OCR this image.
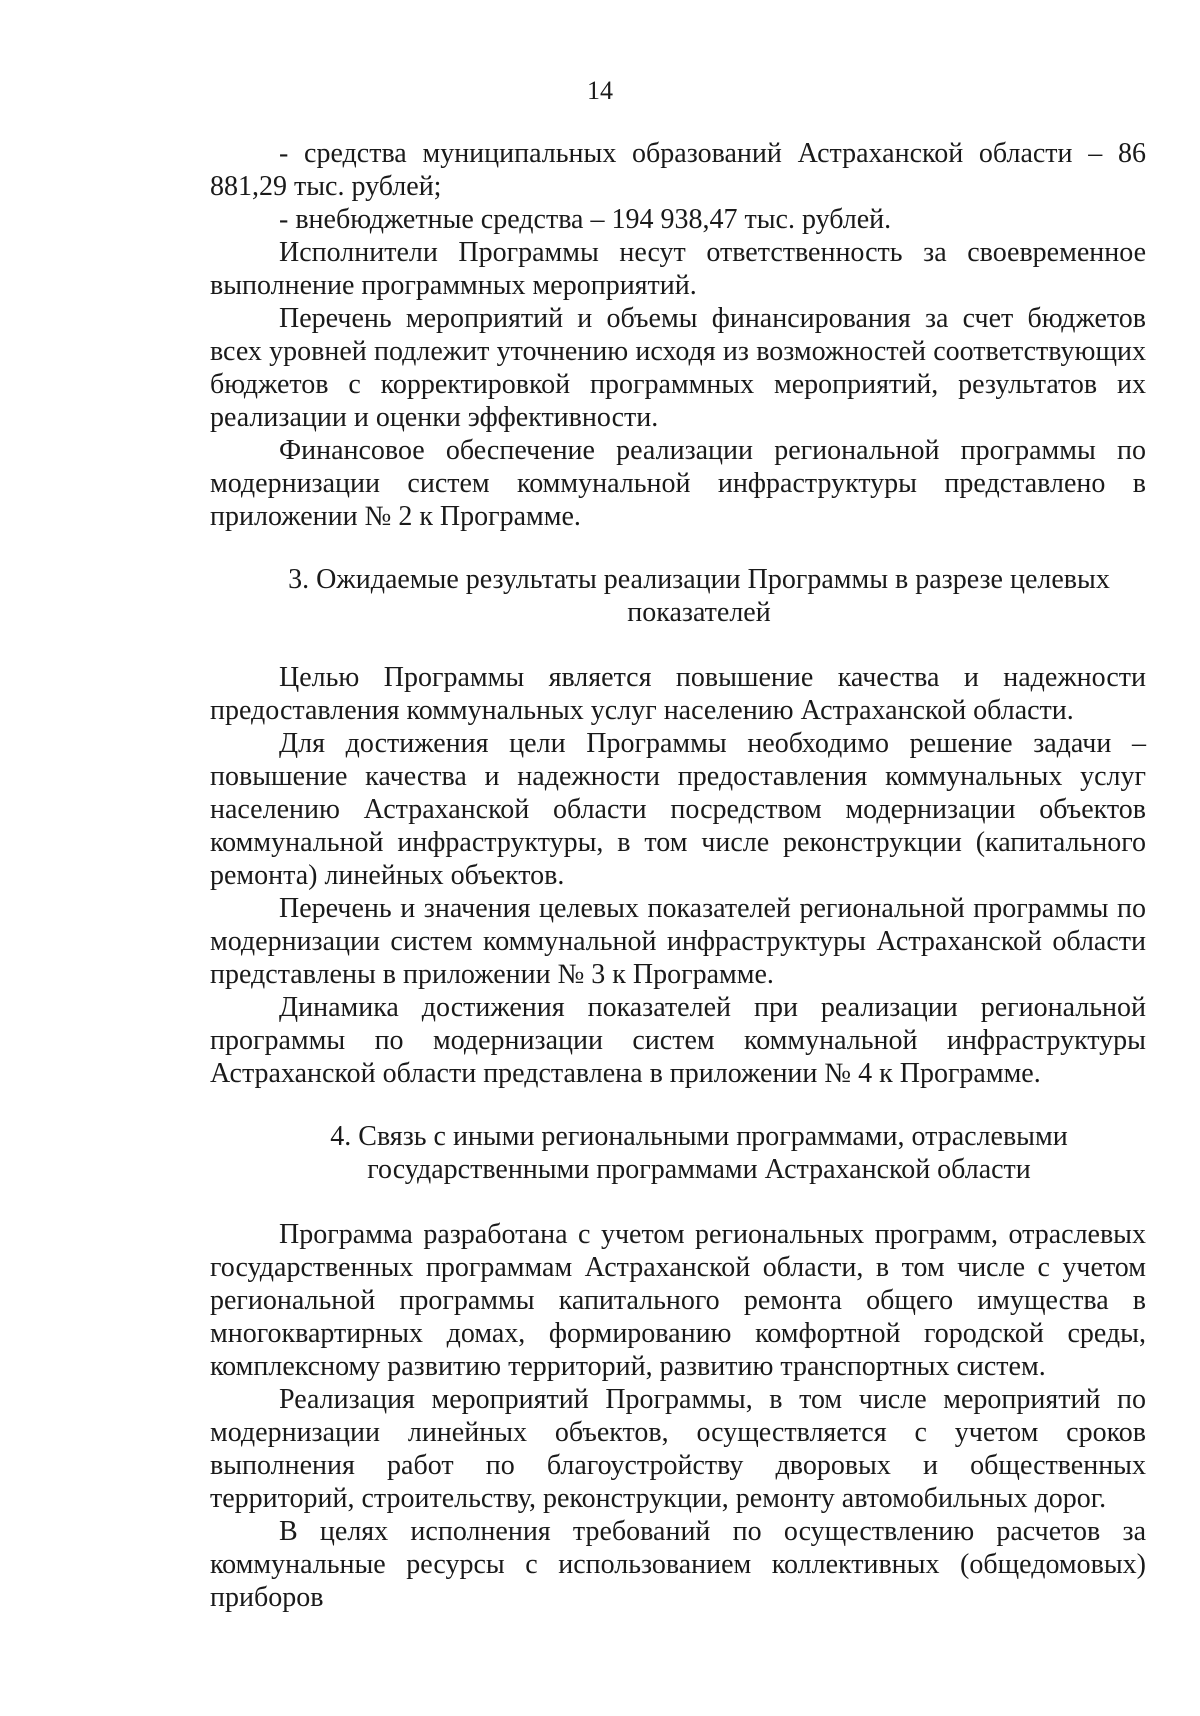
14

- средства муниципальных образований Астраханской области – 86 881,29 тыс. рублей;

- внебюджетные средства – 194 938,47 тыс. рублей.

Исполнители Программы несут ответственность за своевременное выполнение программных мероприятий.

Перечень мероприятий и объемы финансирования за счет бюджетов всех уровней подлежит уточнению исходя из возможностей соответствующих бюджетов с корректировкой программных мероприятий, результатов их реализации и оценки эффективности.

Финансовое обеспечение реализации региональной программы по модернизации систем коммунальной инфраструктуры представлено в приложении № 2 к Программе.

3. Ожидаемые результаты реализации Программы в разрезе целевых
показателей

Целью Программы является повышение качества и надежности предоставления коммунальных услуг населению Астраханской области.

Для достижения цели Программы необходимо решение задачи – повышение качества и надежности предоставления коммунальных услуг населению Астраханской области посредством модернизации объектов коммунальной инфраструктуры, в том числе реконструкции (капитального ремонта) линейных объектов.

Перечень и значения целевых показателей региональной программы по модернизации систем коммунальной инфраструктуры Астраханской области представлены в приложении № 3 к Программе.

Динамика достижения показателей при реализации региональной программы по модернизации систем коммунальной инфраструктуры Астраханской области представлена в приложении № 4 к Программе.

4. Связь с иными региональными программами, отраслевыми
государственными программами Астраханской области

Программа разработана с учетом региональных программ, отраслевых государственных программам Астраханской области, в том числе с учетом региональной программы капитального ремонта общего имущества в многоквартирных домах, формированию комфортной городской среды, комплексному развитию территорий, развитию транспортных систем.

Реализация мероприятий Программы, в том числе мероприятий по модернизации линейных объектов, осуществляется с учетом сроков выполнения работ по благоустройству дворовых и общественных территорий, строительству, реконструкции, ремонту автомобильных дорог.

В целях исполнения требований по осуществлению расчетов за коммунальные ресурсы с использованием коллективных (общедомовых) приборов
